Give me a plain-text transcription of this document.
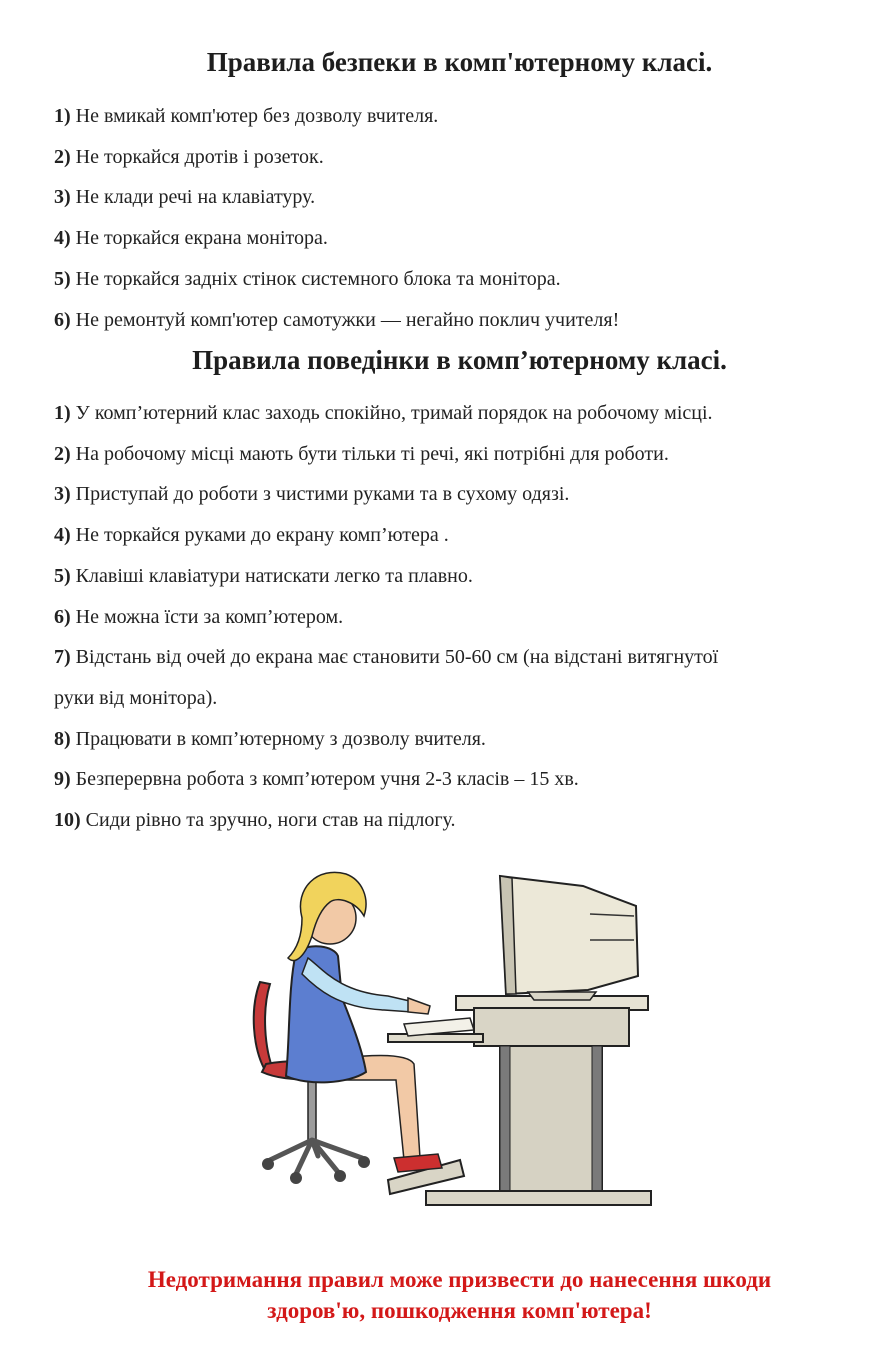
Правила безпеки в комп'ютерному класі.
1) Не вмикай комп'ютер без дозволу вчителя.
2) Не торкайся дротів і розеток.
3) Не клади речі на клавіатуру.
4) Не торкайся екрана монітора.
5) Не торкайся задніх стінок системного блока та монітора.
6) Не ремонтуй комп'ютер самотужки — негайно поклич учителя!
Правила поведінки в комп’ютерному класі.
1) У комп’ютерний клас заходь спокійно, тримай порядок на робочому місці.
2) На робочому місці мають бути тільки ті речі, які потрібні для роботи.
3) Приступай до роботи з чистими руками та в сухому одязі.
4) Не торкайся руками до екрану комп’ютера .
5) Клавіші клавіатури натискати легко та плавно.
6) Не можна їсти за комп’ютером.
7) Відстань від очей до екрана має становити 50-60 см (на відстані витягнутої
руки від монітора).
8) Працювати в комп’ютерному з дозволу вчителя.
9) Безперервна робота з комп’ютером учня 2-3 класів – 15 хв.
10) Сиди рівно та зручно, ноги став на підлогу.
Недотримання правил може призвести до нанесення шкоди
здоров'ю, пошкодження комп'ютера!
